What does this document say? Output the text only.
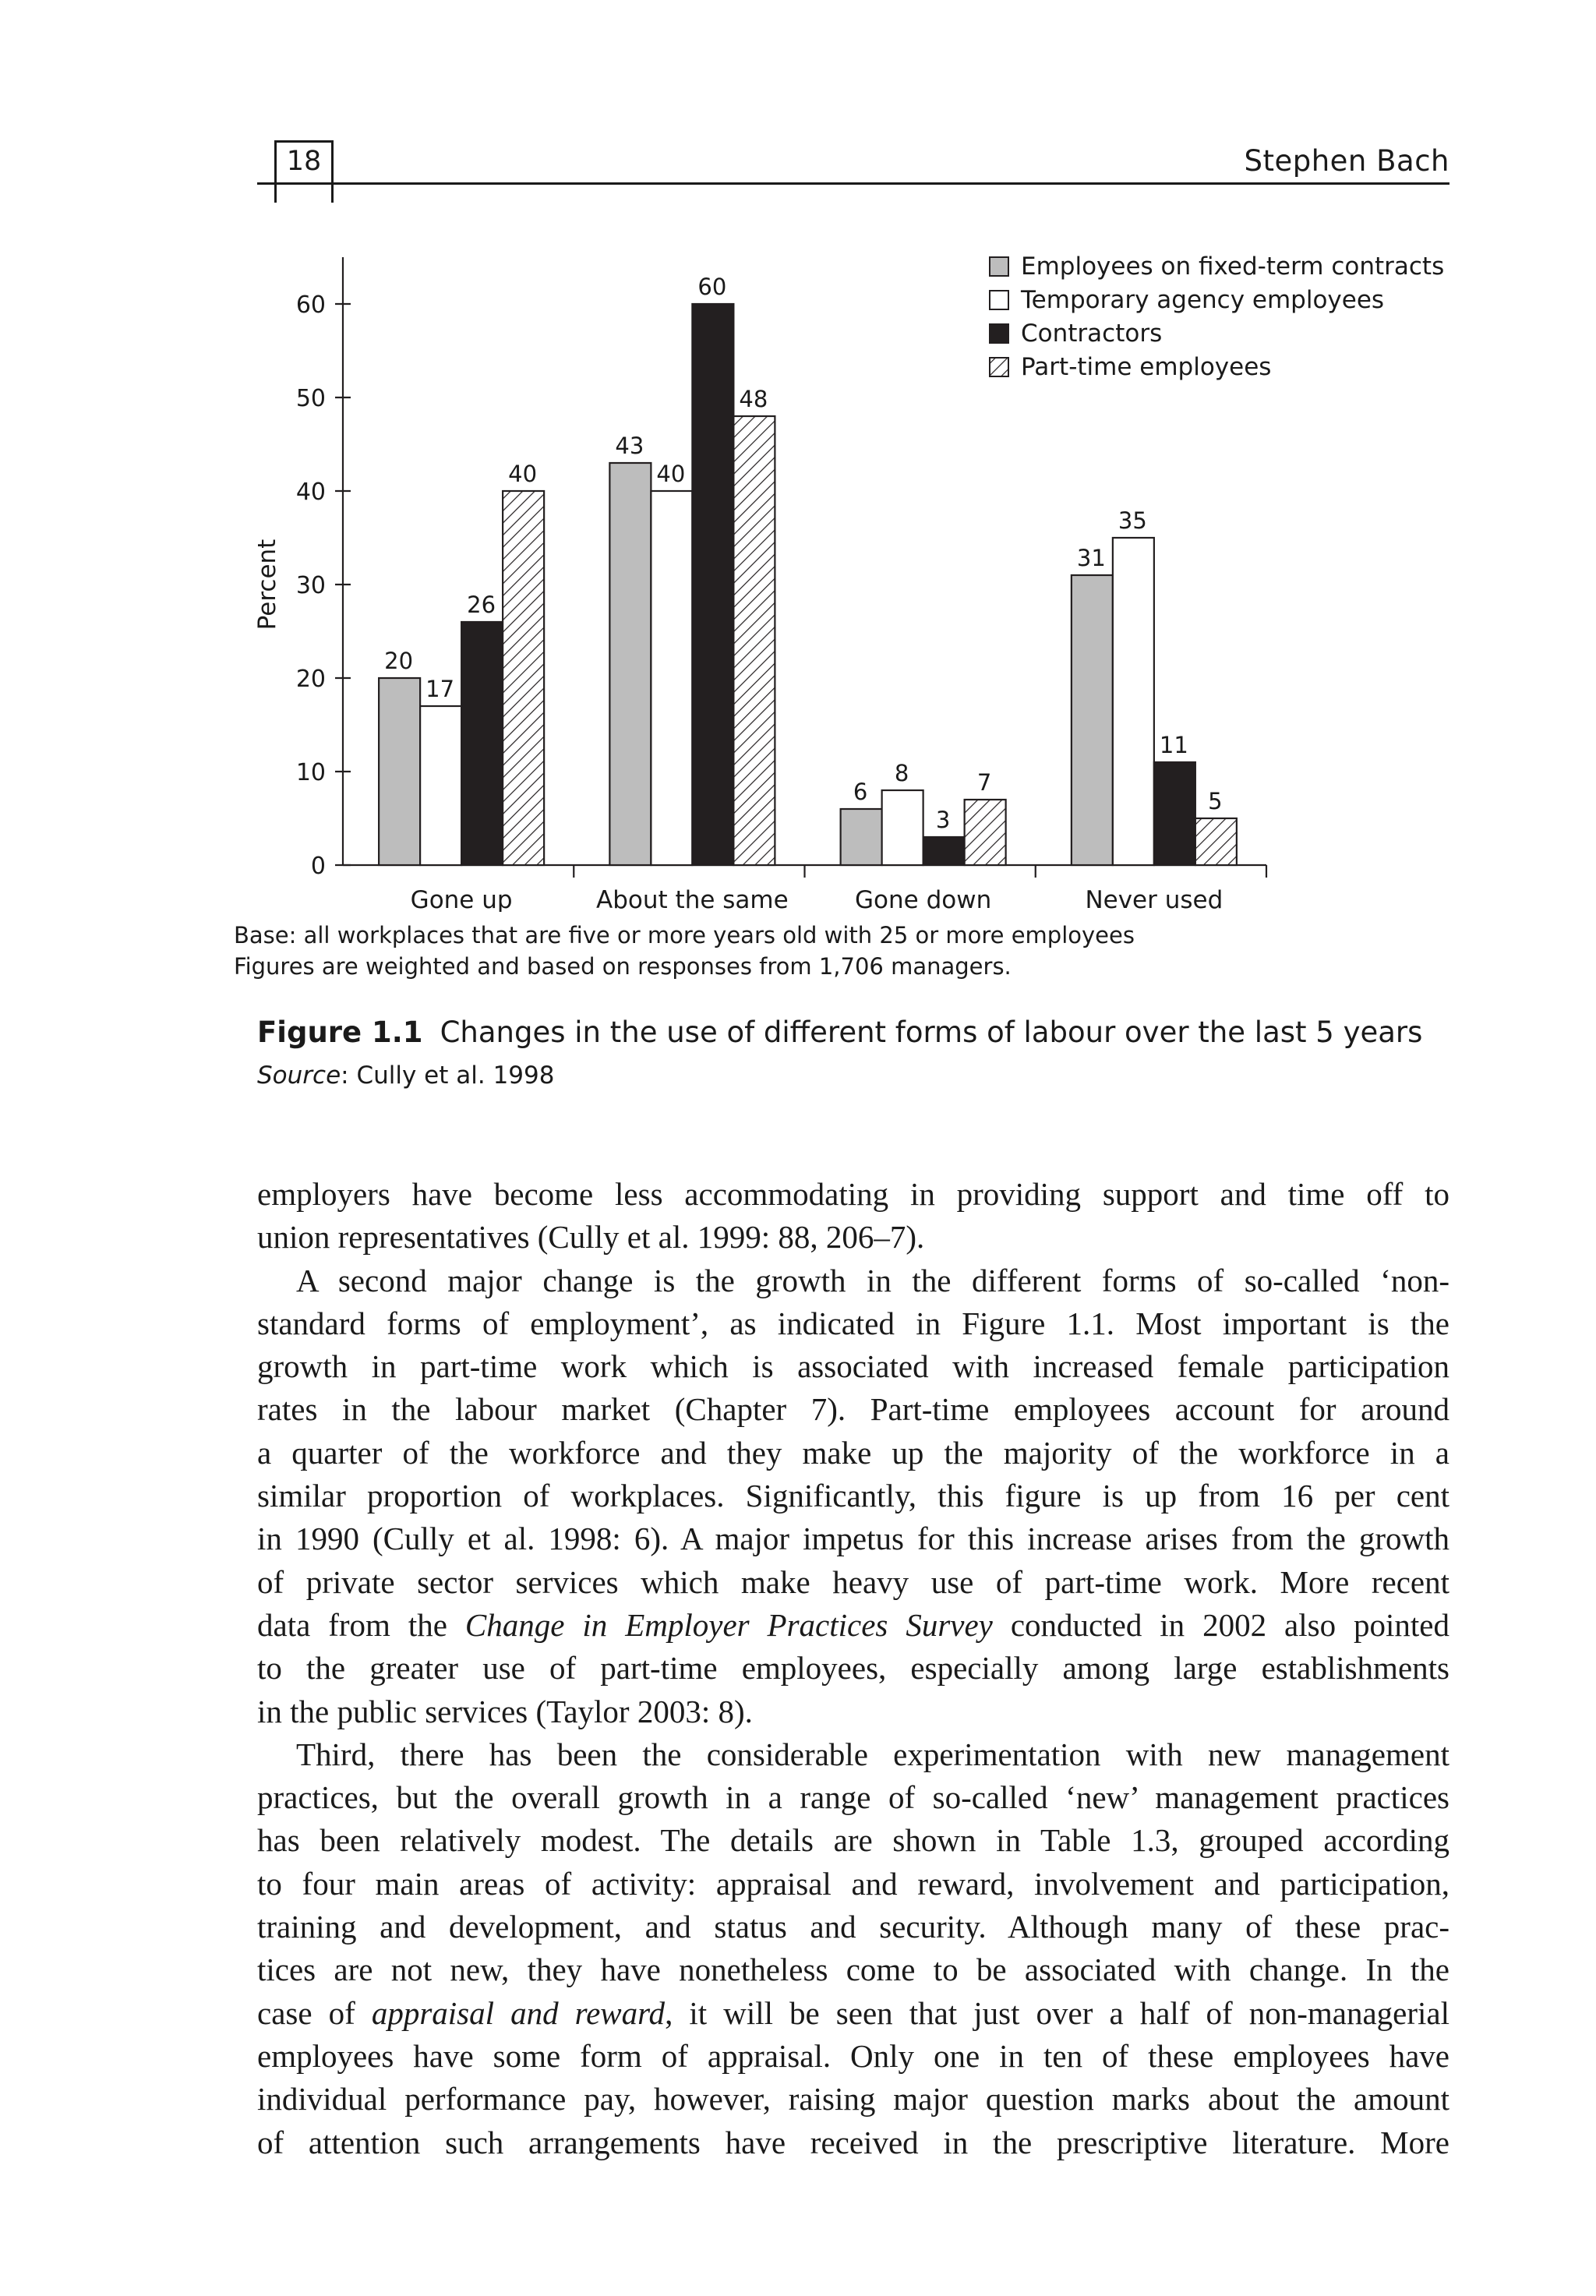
18	Stephen Bach
0
10
20
30
40
50
60
Percent
Gone up	About the same	Gone down	Never used
20
17
26
40
43
40
60
48
6
8
3
7
31
35
11
5
Employees on fixed-term contracts
Temporary agency employees
Contractors
Part-time employees
Base: all workplaces that are five or more years old with 25 or more employees
Figures are weighted and based on responses from 1,706 managers.
Figure 1.1 Changes in the use of different forms of labour over the last 5 years
Source: Cully et al. 1998
employers have become less accommodating in providing support and time off to
union representatives (Cully et al. 1999: 88, 206–7).
A second major change is the growth in the different forms of so-called ‘non-
standard forms of employment’, as indicated in Figure 1.1. Most important is the
growth in part-time work which is associated with increased female participation
rates in the labour market (Chapter 7). Part-time employees account for around
a quarter of the workforce and they make up the majority of the workforce in a
similar proportion of workplaces. Significantly, this figure is up from 16 per cent
in 1990 (Cully et al. 1998: 6). A major impetus for this increase arises from the growth
of private sector services which make heavy use of part-time work. More recent
data from the Change in Employer Practices Survey conducted in 2002 also pointed
to the greater use of part-time employees, especially among large establishments
in the public services (Taylor 2003: 8).
Third, there has been the considerable experimentation with new management
practices, but the overall growth in a range of so-called ‘new’ management practices
has been relatively modest. The details are shown in Table 1.3, grouped according
to four main areas of activity: appraisal and reward, involvement and participation,
training and development, and status and security. Although many of these prac-
tices are not new, they have nonetheless come to be associated with change. In the
case of appraisal and reward, it will be seen that just over a half of non-managerial
employees have some form of appraisal. Only one in ten of these employees have
individual performance pay, however, raising major question marks about the amount
of attention such arrangements have received in the prescriptive literature. More
